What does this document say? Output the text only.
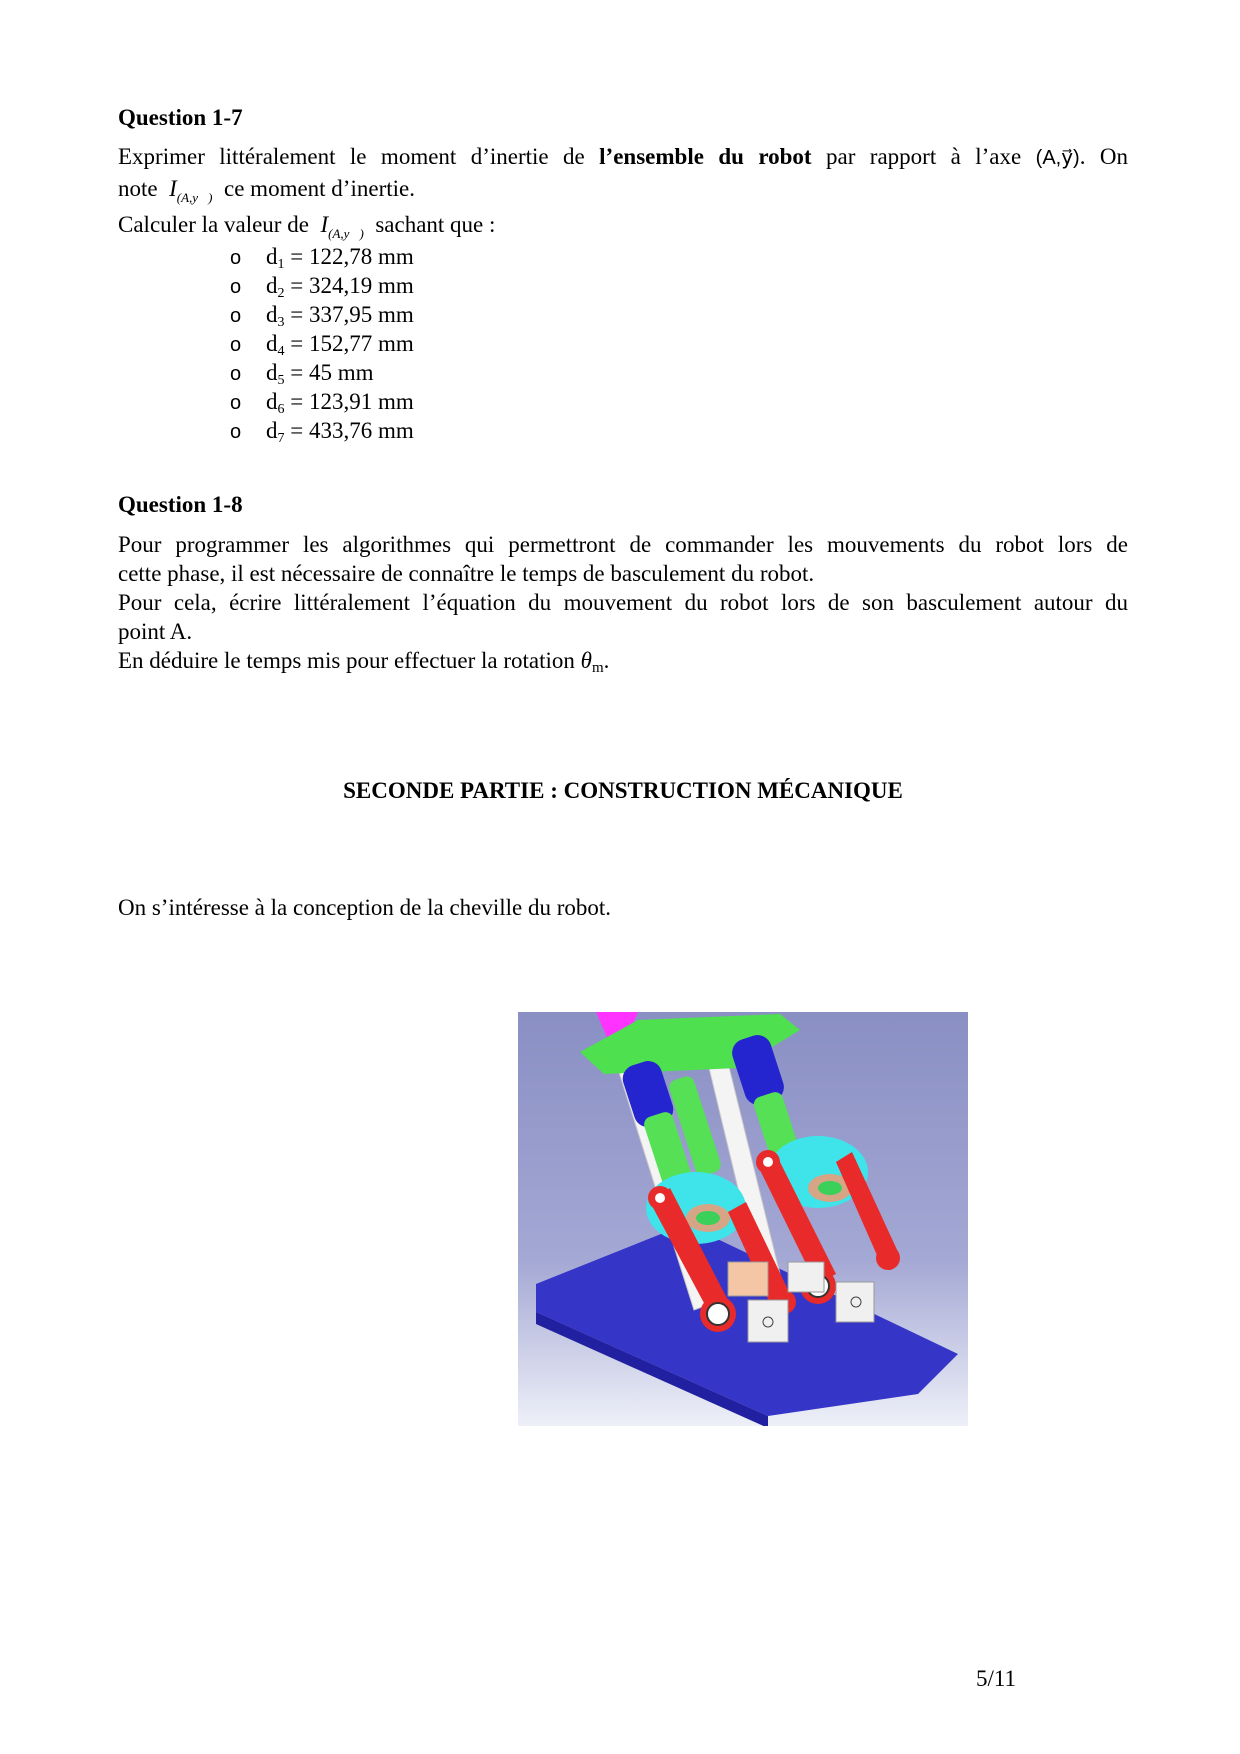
Question 1-7
Exprimer littéralement le moment d’inertie de l’ensemble du robot par rapport à l’axe (A,y⃗). On
note $I_{(A,y⃗)}$ ce moment d’inertie.
Calculer la valeur de $I_{(A,y⃗)}$ sachant que :
o $d_1 = 122,78$ mm
o $d_2 = 324,19$ mm
o $d_3 = 337,95$ mm
o $d_4 = 152,77$ mm
o $d_5 = 45$ mm
o $d_6 = 123,91$ mm
o $d_7 = 433,76$ mm
Question 1-8
Pour programmer les algorithmes qui permettront de commander les mouvements du robot lors de
cette phase, il est nécessaire de connaître le temps de basculement du robot.
Pour cela, écrire littéralement l’équation du mouvement du robot lors de son basculement autour du
point A.
En déduire le temps mis pour effectuer la rotation θm.
SECONDE PARTIE : CONSTRUCTION MÉCANIQUE
On s’intéresse à la conception de la cheville du robot.
5/11
